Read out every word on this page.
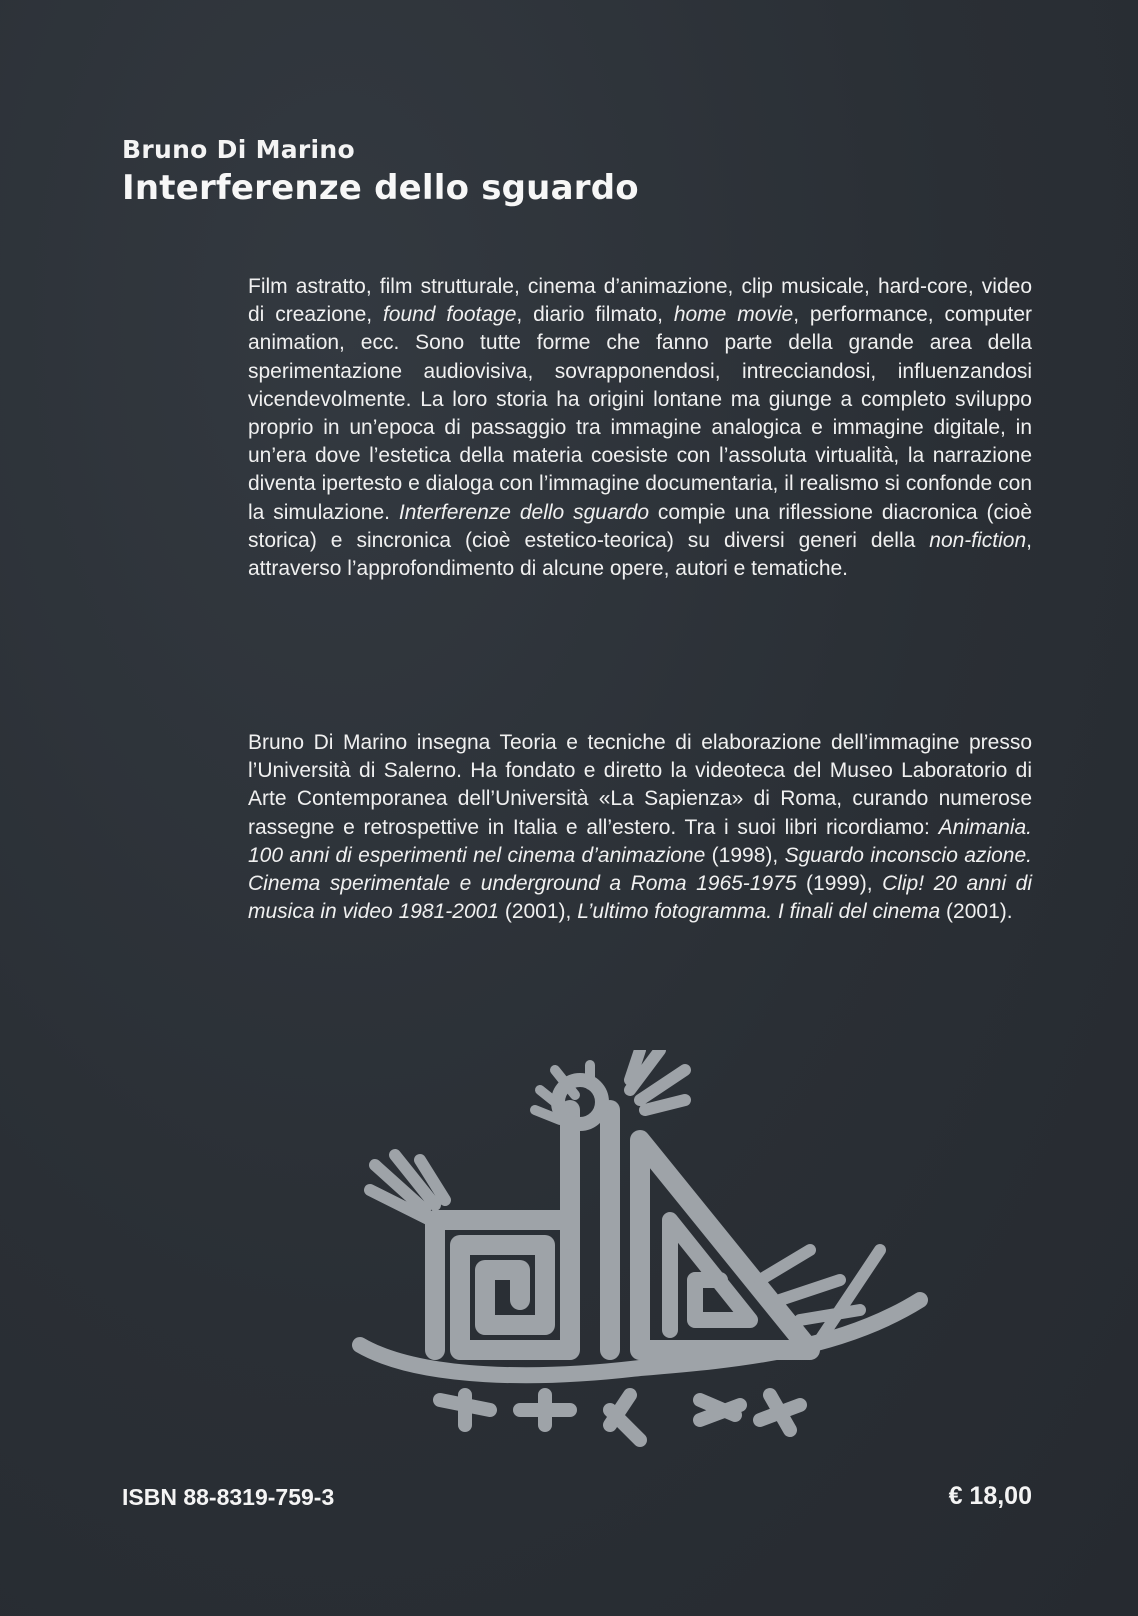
Bruno Di Marino
Interferenze dello sguardo

Film astratto, film strutturale, cinema d’animazione, clip musicale, hard-core, video di creazione, found footage, diario filmato, home movie, performance, computer animation, ecc. Sono tutte forme che fanno parte della grande area della sperimentazione audiovisiva, sovrapponendosi, intrecciandosi, influenzandosi vicendevolmente. La loro storia ha origini lontane ma giunge a completo sviluppo proprio in un’epoca di passaggio tra immagine analogica e immagine digitale, in un’era dove l’estetica della materia coesiste con l’assoluta virtualità, la narrazione diventa ipertesto e dialoga con l’immagine documentaria, il realismo si confonde con la simulazione. Interferenze dello sguardo compie una riflessione diacronica (cioè storica) e sincronica (cioè estetico-teorica) su diversi generi della non-fiction, attraverso l’approfondimento di alcune opere, autori e tematiche.

Bruno Di Marino insegna Teoria e tecniche di elaborazione dell’immagine presso l’Università di Salerno. Ha fondato e diretto la videoteca del Museo Laboratorio di Arte Contemporanea dell’Università «La Sapienza» di Roma, curando numerose rassegne e retrospettive in Italia e all’estero. Tra i suoi libri ricordiamo: Animania. 100 anni di esperimenti nel cinema d’animazione (1998), Sguardo inconscio azione. Cinema sperimentale e underground a Roma 1965-1975 (1999), Clip! 20 anni di musica in video 1981-2001 (2001), L’ultimo fotogramma. I finali del cinema (2001).

ISBN 88-8319-759-3	€ 18,00
